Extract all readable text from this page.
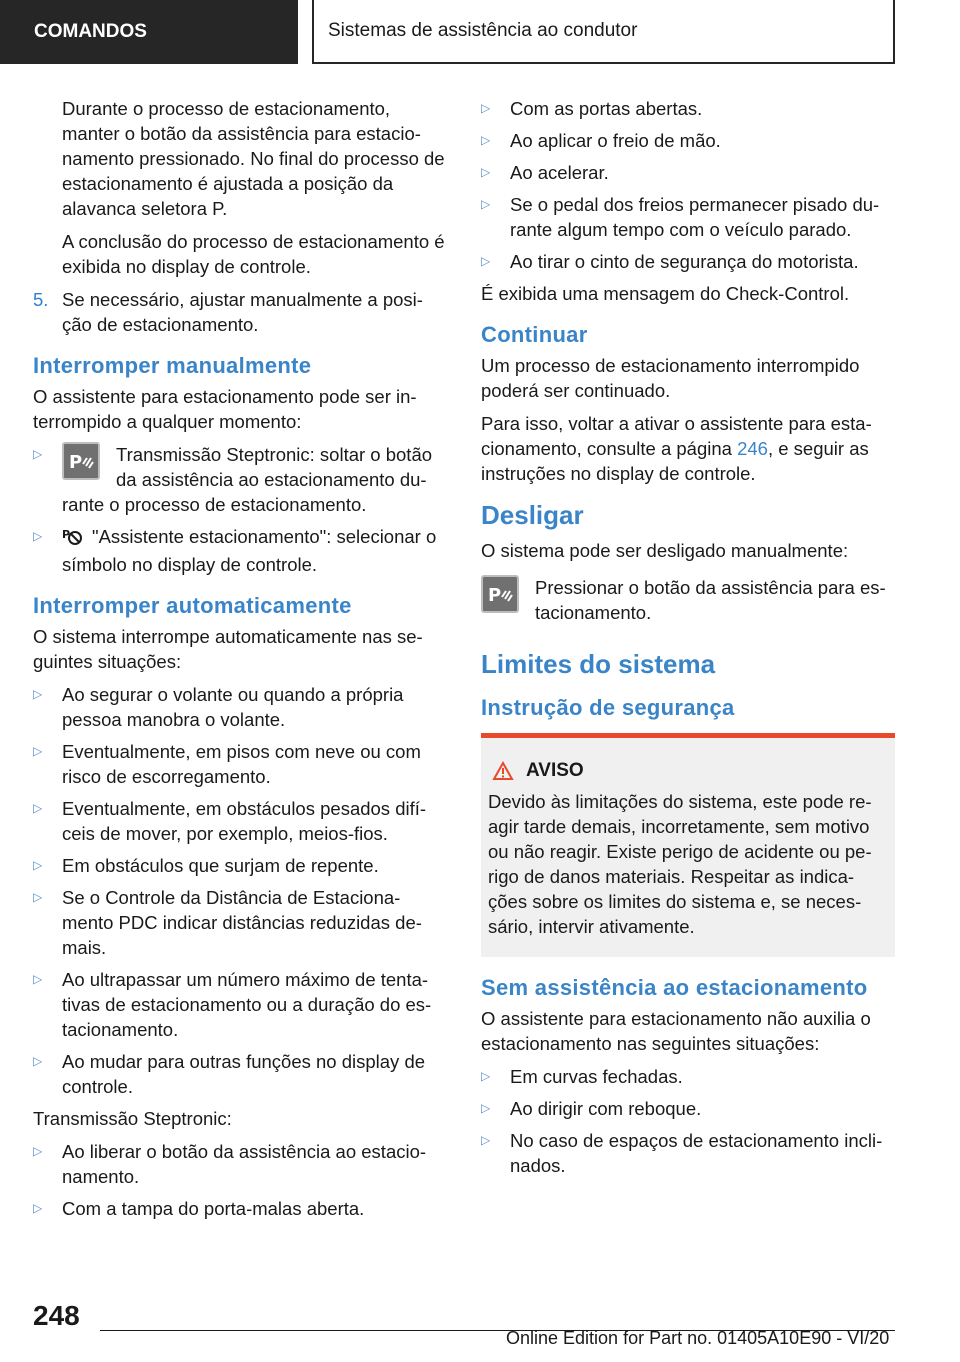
COMANDOS	Sistemas de assistência ao condutor

Durante o processo de estacionamento, manter o botão da assistência para estacio-namento pressionado. No final do processo de estacionamento é ajustada a posição da alavanca seletora P.

A conclusão do processo de estacionamento é exibida no display de controle.

5. Se necessário, ajustar manualmente a posi-ção de estacionamento.
Interromper manualmente

O assistente para estacionamento pode ser in-terrompido a qualquer momento:

▷ P Transmissão Steptronic: soltar o botão da assistência ao estacionamento du-rante o processo de estacionamento.
▷ P "Assistente estacionamento": selecionar o símbolo no display de controle.
Interromper automaticamente

O sistema interrompe automaticamente nas se-guintes situações:

▷ Ao segurar o volante ou quando a própria pessoa manobra o volante.
▷ Eventualmente, em pisos com neve ou com risco de escorregamento.
▷ Eventualmente, em obstáculos pesados difí-ceis de mover, por exemplo, meios-fios.
▷ Em obstáculos que surjam de repente.
▷ Se o Controle da Distância de Estaciona-mento PDC indicar distâncias reduzidas de-mais.
▷ Ao ultrapassar um número máximo de tenta-tivas de estacionamento ou a duração do es-tacionamento.
▷ Ao mudar para outras funções no display de controle.

Transmissão Steptronic:

▷ Ao liberar o botão da assistência ao estacio-namento.
▷ Com a tampa do porta-malas aberta.
▷ Com as portas abertas.
▷ Ao aplicar o freio de mão.
▷ Ao acelerar.
▷ Se o pedal dos freios permanecer pisado du-rante algum tempo com o veículo parado.
▷ Ao tirar o cinto de segurança do motorista.

É exibida uma mensagem do Check-Control.

Continuar

Um processo de estacionamento interrompido poderá ser continuado.

Para isso, voltar a ativar o assistente para esta-cionamento, consulte a página 246, e seguir as instruções no display de controle.

Desligar

O sistema pode ser desligado manualmente:

P Pressionar o botão da assistência para es-tacionamento.
Limites do sistema
Instrução de segurança
AVISO
Devido às limitações do sistema, este pode re-agir tarde demais, incorretamente, sem motivo ou não reagir. Existe perigo de acidente ou pe-rigo de danos materiais. Respeitar as indica-ções sobre os limites do sistema e, se neces-sário, intervir ativamente.
Sem assistência ao estacionamento

O assistente para estacionamento não auxilia o estacionamento nas seguintes situações:

▷ Em curvas fechadas.
▷ Ao dirigir com reboque.
▷ No caso de espaços de estacionamento incli-nados.
248
Online Edition for Part no. 01405A10E90 - VI/20
